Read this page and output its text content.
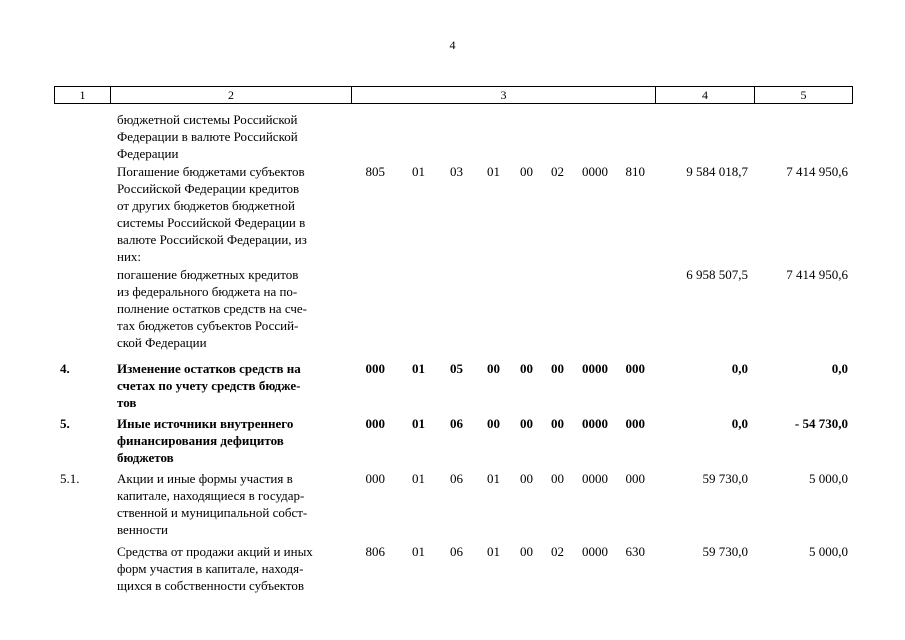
4
1	2	3	4	5
бюджетной системы Российской
Федерации в валюте Российской
Федерации
Погашение бюджетами субъектов
Российской Федерации кредитов
от других бюджетов бюджетной
системы Российской Федерации в
валюте Российской Федерации, из
них:
805	01	03	01	00	02	0000	810	9 584 018,7	7 414 950,6
погашение бюджетных кредитов
из федерального бюджета на по-
полнение остатков средств на сче-
тах бюджетов субъектов Россий-
ской Федерации
6 958 507,5	7 414 950,6
4.	Изменение остатков средств на
счетах по учету средств бюдже-
тов
000	01	05	00	00	00	0000	000	0,0	0,0
5.	Иные источники внутреннего
финансирования дефицитов
бюджетов
000	01	06	00	00	00	0000	000	0,0	- 54 730,0
5.1.	Акции и иные формы участия в
капитале, находящиеся в государ-
ственной и муниципальной собст-
венности
000	01	06	01	00	00	0000	000	59 730,0	5 000,0
Средства от продажи акций и иных
форм участия в капитале, находя-
щихся в собственности субъектов
806	01	06	01	00	02	0000	630	59 730,0	5 000,0
